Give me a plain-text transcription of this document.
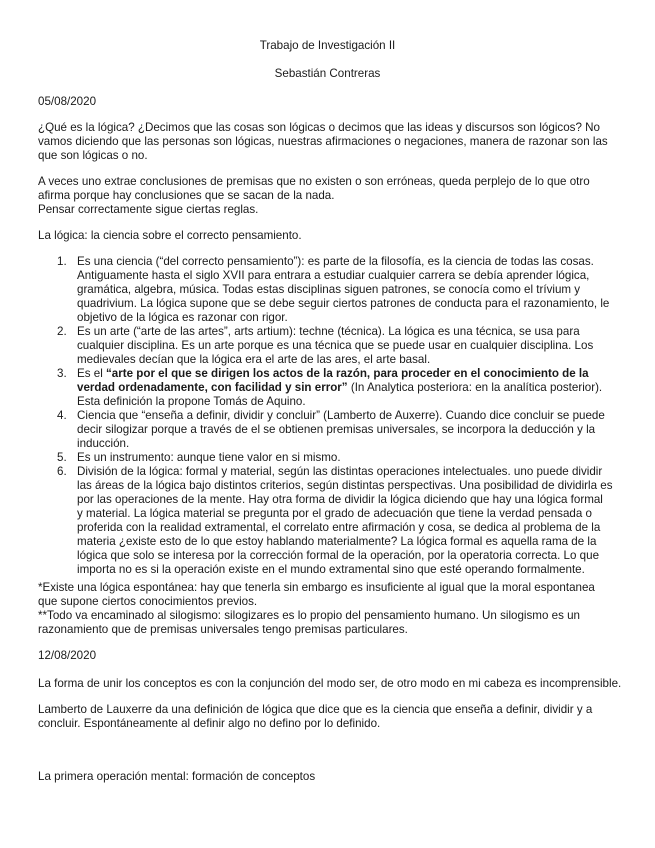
Trabajo de Investigación II
Sebastián Contreras
05/08/2020
¿Qué es la lógica? ¿Decimos que las cosas son lógicas o decimos que las ideas y discursos son lógicos? No
vamos diciendo que las personas son lógicas, nuestras afirmaciones o negaciones, manera de razonar son las
que son lógicas o no.
A veces uno extrae conclusiones de premisas que no existen o son erróneas, queda perplejo de lo que otro
afirma porque hay conclusiones que se sacan de la nada.
Pensar correctamente sigue ciertas reglas.
La lógica: la ciencia sobre el correcto pensamiento.
1. Es una ciencia (“del correcto pensamiento”): es parte de la filosofía, es la ciencia de todas las cosas.
Antiguamente hasta el siglo XVII para entrara a estudiar cualquier carrera se debía aprender lógica,
gramática, algebra, música. Todas estas disciplinas siguen patrones, se conocía como el trívium y
quadrivium. La lógica supone que se debe seguir ciertos patrones de conducta para el razonamiento, le
objetivo de la lógica es razonar con rigor.
2. Es un arte (“arte de las artes”, arts artium): techne (técnica). La lógica es una técnica, se usa para
cualquier disciplina. Es un arte porque es una técnica que se puede usar en cualquier disciplina. Los
medievales decían que la lógica era el arte de las ares, el arte basal.
3. Es el “arte por el que se dirigen los actos de la razón, para proceder en el conocimiento de la
verdad ordenadamente, con facilidad y sin error” (In Analytica posteriora: en la analítica posterior).
Esta definición la propone Tomás de Aquino.
4. Ciencia que “enseña a definir, dividir y concluir” (Lamberto de Auxerre). Cuando dice concluir se puede
decir silogizar porque a través de el se obtienen premisas universales, se incorpora la deducción y la
inducción.
5. Es un instrumento: aunque tiene valor en si mismo.
6. División de la lógica: formal y material, según las distintas operaciones intelectuales. uno puede dividir
las áreas de la lógica bajo distintos criterios, según distintas perspectivas. Una posibilidad de dividirla es
por las operaciones de la mente. Hay otra forma de dividir la lógica diciendo que hay una lógica formal
y material. La lógica material se pregunta por el grado de adecuación que tiene la verdad pensada o
proferida con la realidad extramental, el correlato entre afirmación y cosa, se dedica al problema de la
materia ¿existe esto de lo que estoy hablando materialmente? La lógica formal es aquella rama de la
lógica que solo se interesa por la corrección formal de la operación, por la operatoria correcta. Lo que
importa no es si la operación existe en el mundo extramental sino que esté operando formalmente.
*Existe una lógica espontánea: hay que tenerla sin embargo es insuficiente al igual que la moral espontanea
que supone ciertos conocimientos previos.
**Todo va encaminado al silogismo: silogizares es lo propio del pensamiento humano. Un silogismo es un
razonamiento que de premisas universales tengo premisas particulares.
12/08/2020
La forma de unir los conceptos es con la conjunción del modo ser, de otro modo en mi cabeza es incomprensible.
Lamberto de Lauxerre da una definición de lógica que dice que es la ciencia que enseña a definir, dividir y a
concluir. Espontáneamente al definir algo no defino por lo definido.
La primera operación mental: formación de conceptos
